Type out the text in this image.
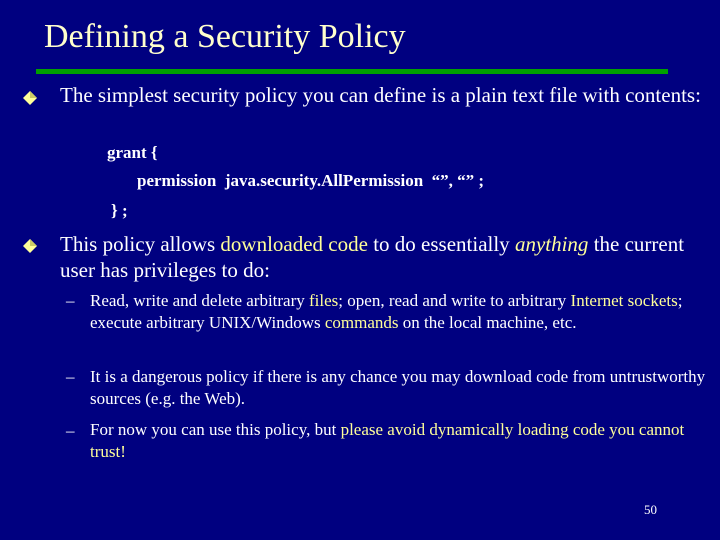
Defining a Security Policy
The simplest security policy you can define is a plain text file with contents:
grant {
permission  java.security.AllPermission  “”, “” ;
} ;
This policy allows downloaded code to do essentially anything the current user has privileges to do:
– Read, write and delete arbitrary files; open, read and write to arbitrary Internet sockets; execute arbitrary UNIX/Windows commands on the local machine, etc.
– It is a dangerous policy if there is any chance you may download code from untrustworthy sources (e.g. the Web).
– For now you can use this policy, but please avoid dynamically loading code you cannot trust!
50
